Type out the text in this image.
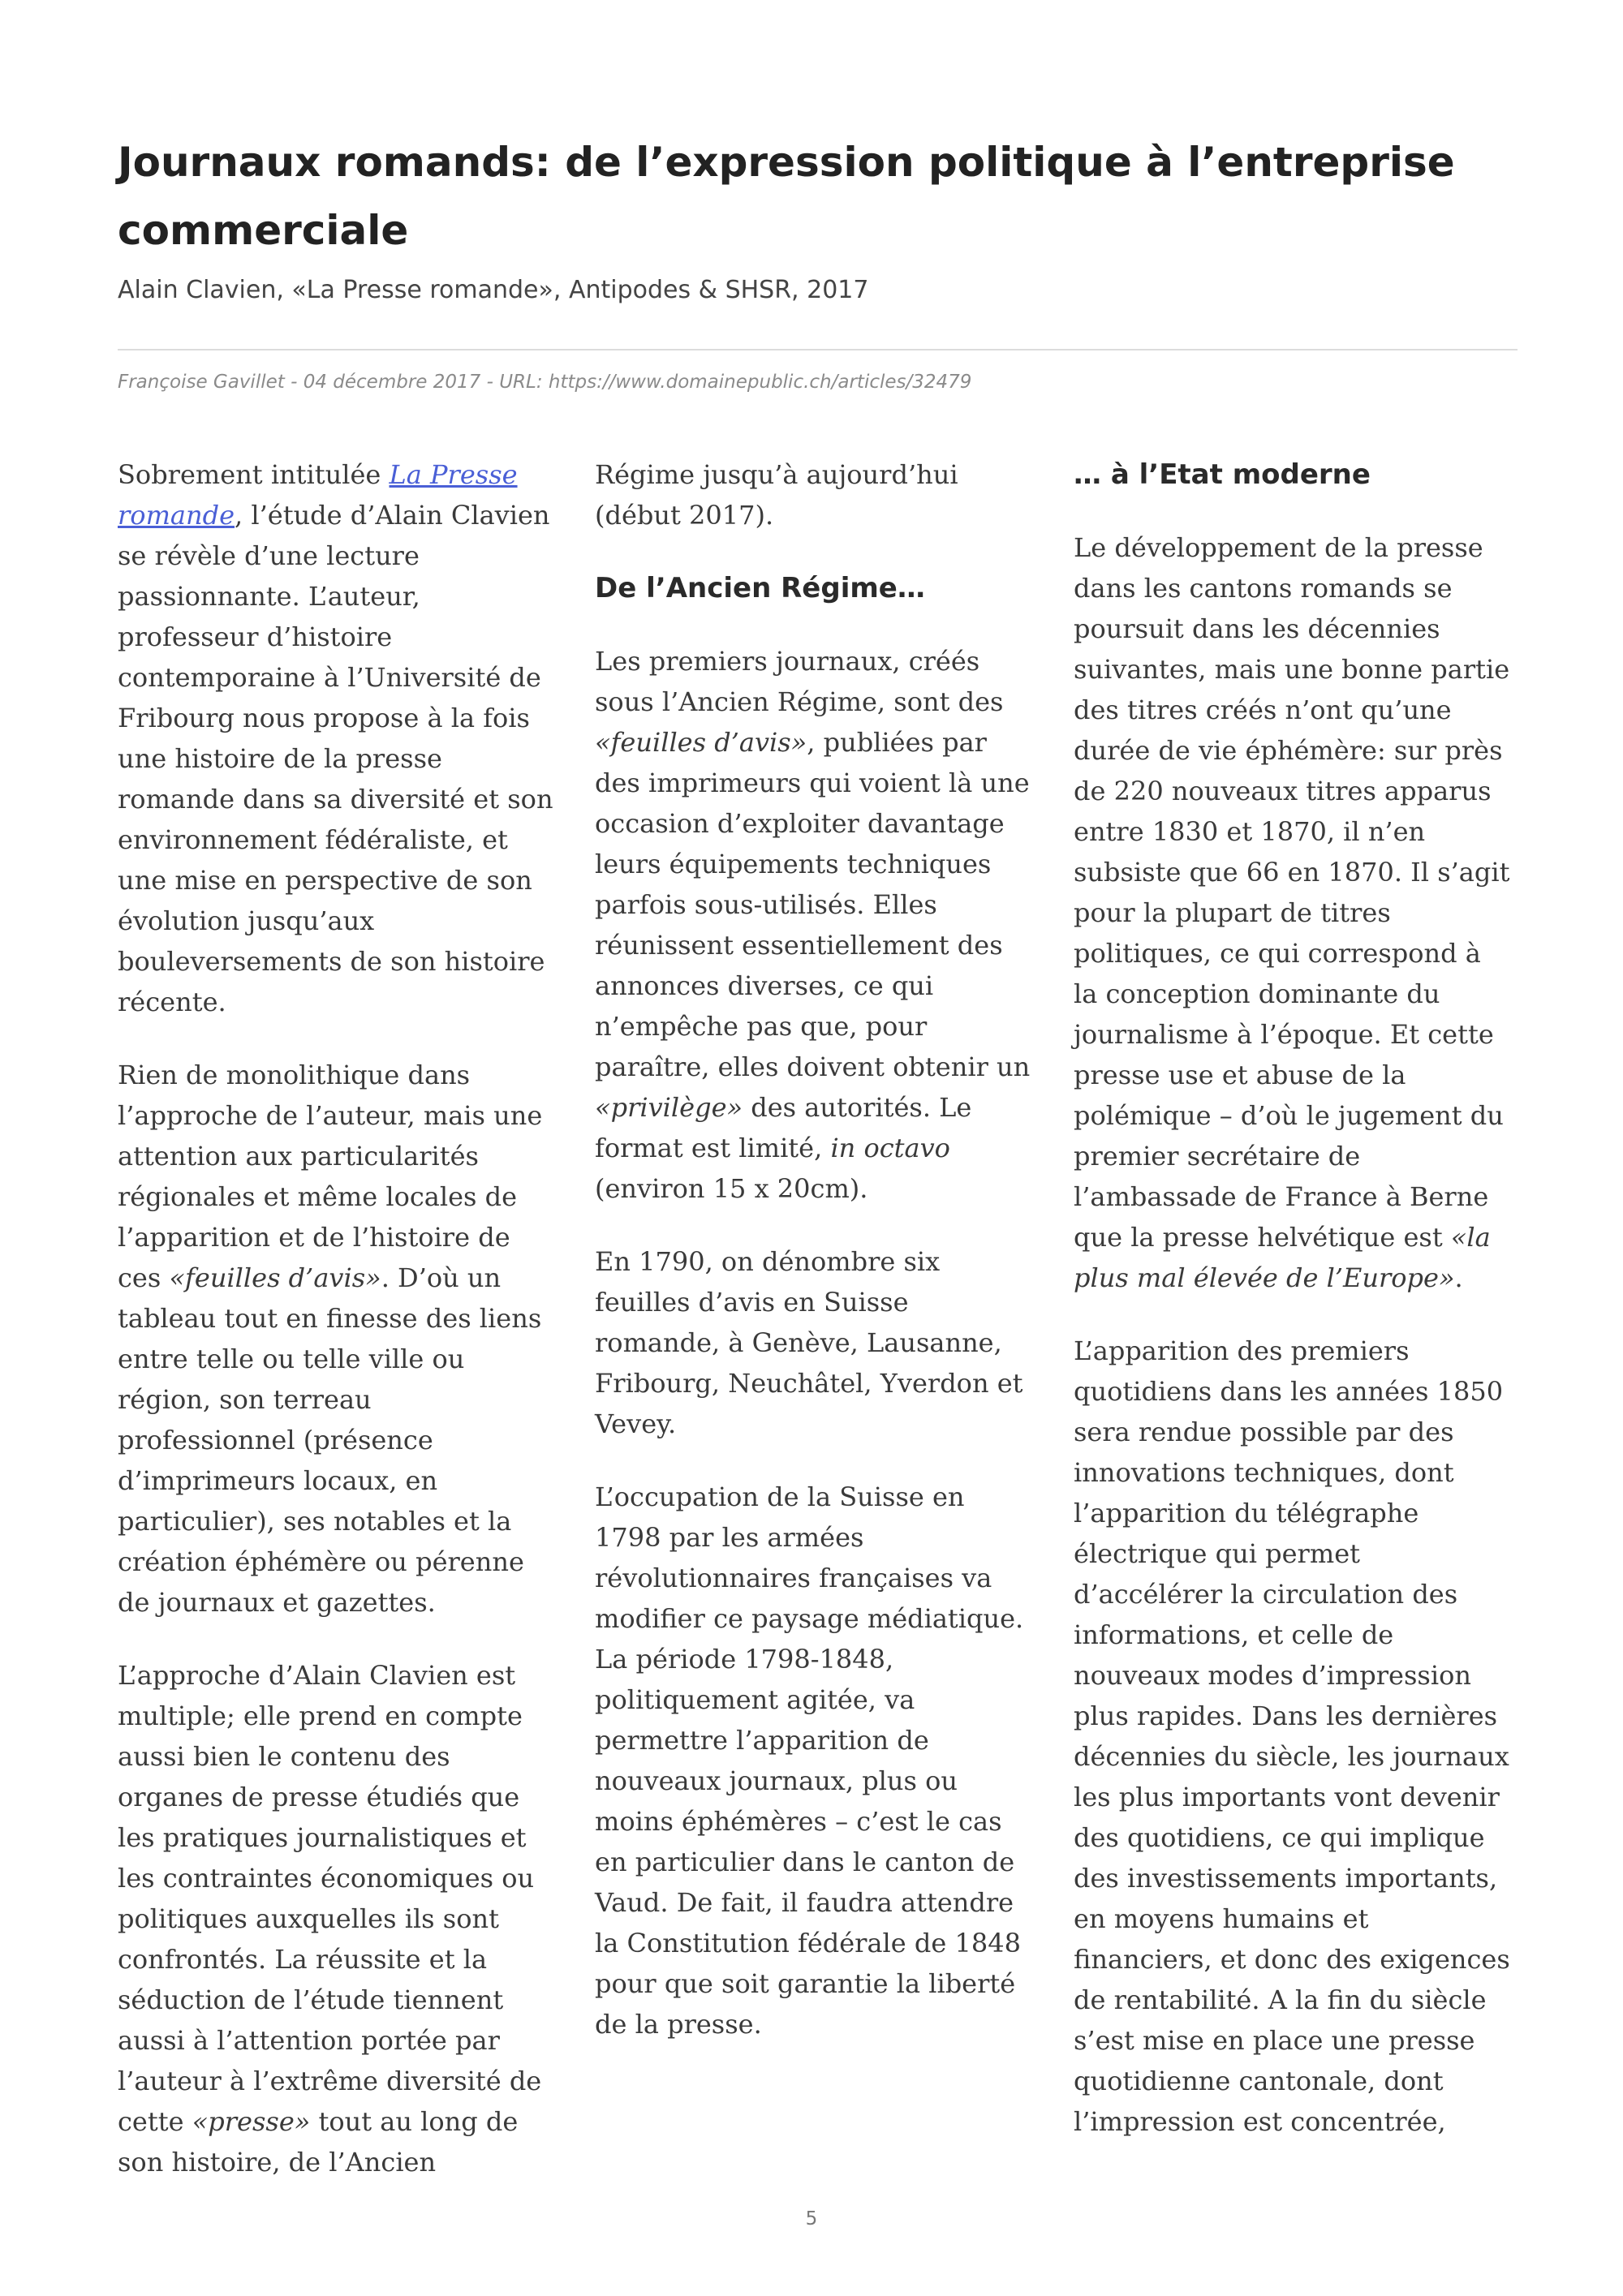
Journaux romands: de l’expression politique à l’entreprise commerciale
Alain Clavien, «La Presse romande», Antipodes & SHSR, 2017
Françoise Gavillet - 04 décembre 2017 - URL: https://www.domainepublic.ch/articles/32479

Sobrement intitulée La Presse romande, l’étude d’Alain Clavien se révèle d’une lecture passionnante. L’auteur, professeur d’histoire contemporaine à l’Université de Fribourg nous propose à la fois une histoire de la presse romande dans sa diversité et son environnement fédéraliste, et une mise en perspective de son évolution jusqu’aux bouleversements de son histoire récente.

Rien de monolithique dans l’approche de l’auteur, mais une attention aux particularités régionales et même locales de l’apparition et de l’histoire de ces «feuilles d’avis». D’où un tableau tout en finesse des liens entre telle ou telle ville ou région, son terreau professionnel (présence d’imprimeurs locaux, en particulier), ses notables et la création éphémère ou pérenne de journaux et gazettes.

L’approche d’Alain Clavien est multiple; elle prend en compte aussi bien le contenu des organes de presse étudiés que les pratiques journalistiques et les contraintes économiques ou politiques auxquelles ils sont confrontés. La réussite et la séduction de l’étude tiennent aussi à l’attention portée par l’auteur à l’extrême diversité de cette «presse» tout au long de son histoire, de l’Ancien

Régime jusqu’à aujourd’hui (début 2017).

De l’Ancien Régime…

Les premiers journaux, créés sous l’Ancien Régime, sont des «feuilles d’avis», publiées par des imprimeurs qui voient là une occasion d’exploiter davantage leurs équipements techniques parfois sous-utilisés. Elles réunissent essentiellement des annonces diverses, ce qui n’empêche pas que, pour paraître, elles doivent obtenir un «privilège» des autorités. Le format est limité, in octavo (environ 15 x 20cm).

En 1790, on dénombre six feuilles d’avis en Suisse romande, à Genève, Lausanne, Fribourg, Neuchâtel, Yverdon et Vevey.

L’occupation de la Suisse en 1798 par les armées révolutionnaires françaises va modifier ce paysage médiatique. La période 1798-1848, politiquement agitée, va permettre l’apparition de nouveaux journaux, plus ou moins éphémères – c’est le cas en particulier dans le canton de Vaud. De fait, il faudra attendre la Constitution fédérale de 1848 pour que soit garantie la liberté de la presse.

… à l’Etat moderne

Le développement de la presse dans les cantons romands se poursuit dans les décennies suivantes, mais une bonne partie des titres créés n’ont qu’une durée de vie éphémère: sur près de 220 nouveaux titres apparus entre 1830 et 1870, il n’en subsiste que 66 en 1870. Il s’agit pour la plupart de titres politiques, ce qui correspond à la conception dominante du journalisme à l’époque. Et cette presse use et abuse de la polémique – d’où le jugement du premier secrétaire de l’ambassade de France à Berne que la presse helvétique est «la plus mal élevée de l’Europe».

L’apparition des premiers quotidiens dans les années 1850 sera rendue possible par des innovations techniques, dont l’apparition du télégraphe électrique qui permet d’accélérer la circulation des informations, et celle de nouveaux modes d’impression plus rapides. Dans les dernières décennies du siècle, les journaux les plus importants vont devenir des quotidiens, ce qui implique des investissements importants, en moyens humains et financiers, et donc des exigences de rentabilité. A la fin du siècle s’est mise en place une presse quotidienne cantonale, dont l’impression est concentrée,

5
